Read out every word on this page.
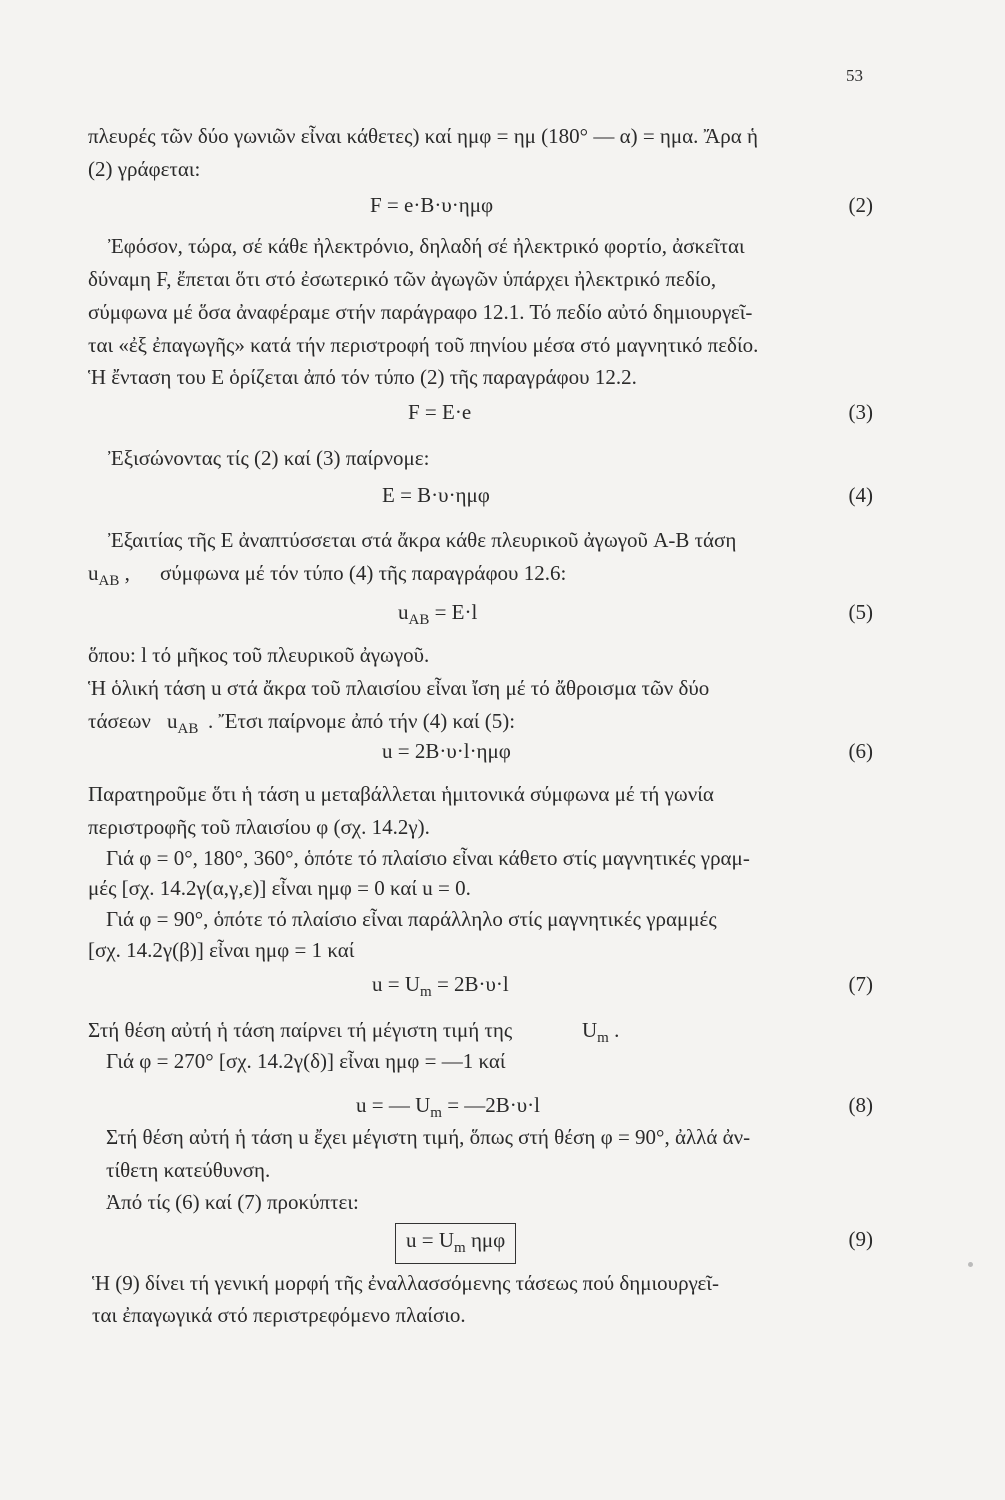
53
πλευρές τῶν δύο γωνιῶν εἶναι κάθετες) καί ημφ = ημ (180° — α) = ημα. Ἄρα ἡ
(2) γράφεται:
F = e·B·υ·ημφ	(2)
Ἐφόσον, τώρα, σέ κάθε ἠλεκτρόνιο, δηλαδή σέ ἠλεκτρικό φορτίο, ἀσκεῖται
δύναμη F, ἔπεται ὅτι στό ἐσωτερικό τῶν ἀγωγῶν ὑπάρχει ἠλεκτρικό πεδίο,
σύμφωνα μέ ὅσα ἀναφέραμε στήν παράγραφο 12.1. Τό πεδίο αὐτό δημιουργεῖ-
ται «ἐξ ἐπαγωγῆς» κατά τήν περιστροφή τοῦ πηνίου μέσα στό μαγνητικό πεδίο.
Ἡ ἔνταση του E ὁρίζεται ἀπό τόν τύπο (2) τῆς παραγράφου 12.2.
F = E·e	(3)
Ἐξισώνοντας τίς (2) καί (3) παίρνομε:
E = B·υ·ημφ	(4)
Ἐξαιτίας τῆς E ἀναπτύσσεται στά ἄκρα κάθε πλευρικοῦ ἀγωγοῦ A-B τάση
$u_{AB}$ , σύμφωνα μέ τόν τύπο (4) τῆς παραγράφου 12.6:
$u_{AB} = E\cdot l$	(5)
ὅπου: l τό μῆκος τοῦ πλευρικοῦ ἀγωγοῦ.
Ἡ ὁλική τάση u στά ἄκρα τοῦ πλαισίου εἶναι ἴση μέ τό ἄθροισμα τῶν δύο
τάσεων $u_{AB}$ . Ἔτσι παίρνομε ἀπό τήν (4) καί (5):
u = 2B·υ·l·ημφ	(6)
Παρατηροῦμε ὅτι ἡ τάση u μεταβάλλεται ἡμιτονικά σύμφωνα μέ τή γωνία
περιστροφῆς τοῦ πλαισίου φ (σχ. 14.2γ).
Γιά φ = 0°, 180°, 360°, ὁπότε τό πλαίσιο εἶναι κάθετο στίς μαγνητικές γραμ-
μές [σχ. 14.2γ(α,γ,ε)] εἶναι ημφ = 0 καί u = 0.
Γιά φ = 90°, ὁπότε τό πλαίσιο εἶναι παράλληλο στίς μαγνητικές γραμμές
[σχ. 14.2γ(β)] εἶναι ημφ = 1 καί
$u = U_m = 2B\cdot\upsilon\cdot l$	(7)
Στή θέση αὐτή ἡ τάση παίρνει τή μέγιστη τιμή της	$U_m$ .
Γιά φ = 270° [σχ. 14.2γ(δ)] εἶναι ημφ = —1 καί
u = — $U_m$ = —2B·υ·l	(8)
Στή θέση αὐτή ἡ τάση u ἔχει μέγιστη τιμή, ὅπως στή θέση φ = 90°, ἀλλά ἀν-
τίθετη κατεύθυνση.
Ἀπό τίς (6) καί (7) προκύπτει:
$u = U_m$ ημφ	(9)
Ἡ (9) δίνει τή γενική μορφή τῆς ἐναλλασσόμενης τάσεως πού δημιουργεῖ-
ται ἐπαγωγικά στό περιστρεφόμενο πλαίσιο.
